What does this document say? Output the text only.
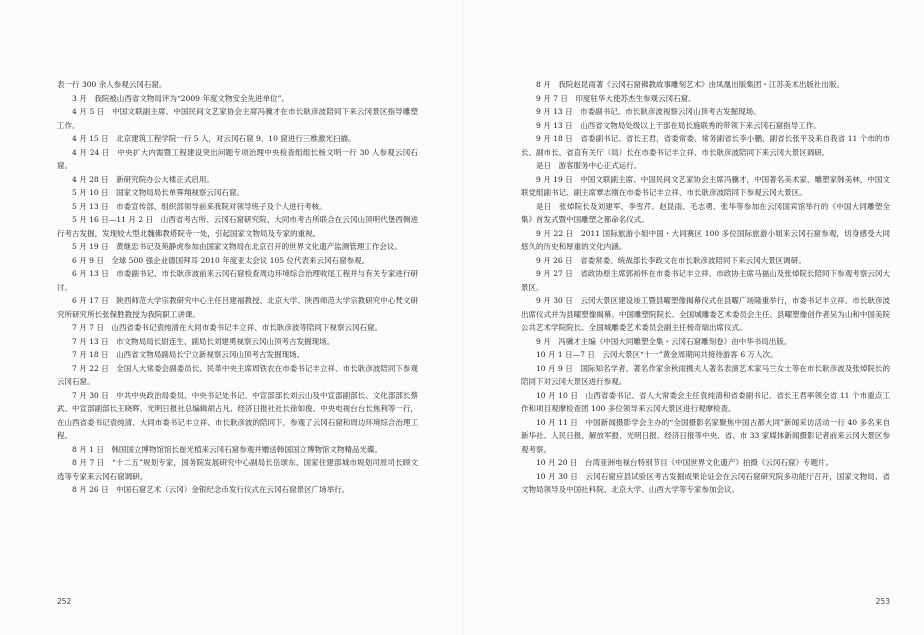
表一行 300 余人参观云冈石窟。

3 月　我院被山西省文物局评为“2009 年度文物安全先进单位”。

4 月 5 日　中国文联副主席、中国民间文艺家协会主席冯骥才在市长耿彦波陪同下来云冈景区指导雕塑工作。

4 月 15 日　北京建筑工程学院一行 5 人，对云冈石窟 9、10 窟进行三维激光扫描。

4 月 24 日　中央扩大内需暨工程建设突出问题专项治理中央检查组组长杨文明一行 30 人参观云冈石窟。

4 月 28 日　新研究院办公大楼正式启用。

5 月 10 日　国家文物局局长单霁翔视察云冈石窟。

5 月 13 日　市委宣传部、组织部领导前来我院对领导班子及个人进行考核。

5 月 16 日—11 月 2 日　山西省考古所、云冈石窟研究院、大同市考古所联合在云冈山顶明代堡西侧进行考古发掘，发现较大型北魏佛教塔院寺一处，引起国家文物局及专家的重视。

5 月 19 日　黄继忠书记及苑静虎参加由国家文物局在北京召开的世界文化遗产监测管理工作会议。

6 月 9 日　全球 500 强企业德国拜耳 2010 年度亚太会议 105 位代表来云冈石窟参观。

6 月 13 日　市委副书记、市长耿彦波前来云冈石窟检查周边环境综合治理收尾工程并与有关专家进行研讨。

6 月 17 日　陕西师范大学宗教研究中心主任吕建福教授、北京大学、陕西师范大学宗教研究中心梵文研究所研究所长张保胜教授为我院职工讲课。

7 月 7 日　山西省委书记袁纯清在大同市委书记丰立祥、市长耿彦波等陪同下视察云冈石窟。

7 月 13 日　市文物局局长尉连生、副局长刘建勇视察云冈山顶考古发掘现场。

7 月 18 日　山西省文物局副局长宁立新视察云冈山顶考古发掘现场。

7 月 22 日　全国人大常委会副委员长、民革中央主席周铁农在市委书记丰立祥、市长耿彦波陪同下参观云冈石窟。

7 月 30 日　中共中央政治局委员、中央书记处书记、中宣部部长刘云山及中宣部副部长、文化部部长蔡武、中宣部副部长王晓晖、光明日报社总编辑胡占凡、经济日报社社长徐如俊、中央电视台台长焦利等一行，在山西省委书记袁纯清、大同市委书记丰立祥、市长耿彦波的陪同下，参观了云冈石窟和周边环境综合治理工程。

8 月 1 日　韩国国立博物馆馆长崔光植来云冈石窟参观并赠送韩国国立博物馆文物精品光碟。

8 月 7 日　“十二五”规划专家，国务院发展研究中心副局长岳颂东、国家住建部城市规划司原司长顾文选等专家来云冈石窟调研。

8 月 26 日　中国石窟艺术（云冈）金银纪念币发行仪式在云冈石窟景区广场举行。

252

8 月　我院赵昆雨著《云冈石窟佛教故事雕刻艺术》由凤凰出版集团・江苏美术出版社出版。

9 月 7 日　印度驻华大使苏杰生参观云冈石窟。

9 月 13 日　市委副书记、市长耿彦波视察云冈山顶考古发掘现场。

9 月 13 日　山西省文物局处级以上干部在局长施联秀的带领下来云冈石窟指导工作。

9 月 18 日　省委副书记、省长王君，省委常委、常务副省长李小鹏，副省长张平及来自我省 11 个市的市长、副市长、省直有关厅（局）长在市委书记丰立祥、市长耿彦波陪同下来云冈大景区调研。

是日　游客服务中心正式运行。

9 月 19 日　中国文联副主席、中国民间文艺家协会主席冯骥才，中国著名美术家、雕塑家韩美林，中国文联党组副书记、副主席覃志刚在市委书记丰立祥、市长耿彦波陪同下参观云冈大景区。

是日　张焯院长及刘建军、李雪芹、赵昆雨、毛志勇、张华等参加在云冈国宾馆举行的《中国大同雕塑全集》首发式暨中国雕塑之都命名仪式。

9 月 22 日　2011 国际旅游小姐中国・大同赛区 100 多位国际旅游小姐来云冈石窟参观，切身感受大同悠久的历史和厚重的文化内涵。

9 月 26 日　省委常委、统战部长李政文在市长耿彦波陪同下来云冈大景区调研。

9 月 27 日　省政协原主席郭裕怀在市委书记丰立祥、市政协主席马福山及张焯院长陪同下参观考察云冈大景区。

9 月 30 日　云冈大景区建设竣工暨县曜塑像揭幕仪式在县曜广场隆重举行，市委书记丰立祥、市长耿彦波出席仪式并为县曜塑像揭幕。中国雕塑院院长、全国城雕委艺术委员会主任、县曜塑像创作者吴为山和中国美院公共艺术学院院长、全国城雕委艺术委员会副主任杨奇瑞出席仪式。

9 月　冯骥才主编《中国大同雕塑全集・云冈石窟雕刻卷》由中华书局出版。

10 月 1 日—7 日　云冈大景区“十一”黄金周期间共接待游客 6 万人次。

10 月 9 日　国际知名学者、著名作家余秋雨携夫人著名表演艺术家马兰女士等在市长耿彦波及张焯院长的陪同下对云冈大景区进行参观。

10 月 10 日　山西省委书记、省人大常委会主任袁纯清和省委副书记、省长王君率领全省 11 个市重点工作和项目观摩检查团 100 多位领导来云冈大景区进行观摩检查。

10 月 11 日　中国新闻摄影学会主办的“全国摄影名家聚焦中国古都大同”新闻采访活动一行 40 多名来自新华社、人民日报、解放军报、光明日报、经济日报等中央、省、市 33 家媒体新闻摄影记者前来云冈大景区参观考察。

10 月 20 日　台湾亚洲电视台特别节目《中国世界文化遗产》拍摄《云冈石窟》专题片。

10 月 30 日　云冈石窟应县试验区考古发掘成果论证会在云冈石窟研究院多功能厅召开，国家文物局、省文物局领导及中国社科院、北京大学、山西大学等专家参加会议。

253
